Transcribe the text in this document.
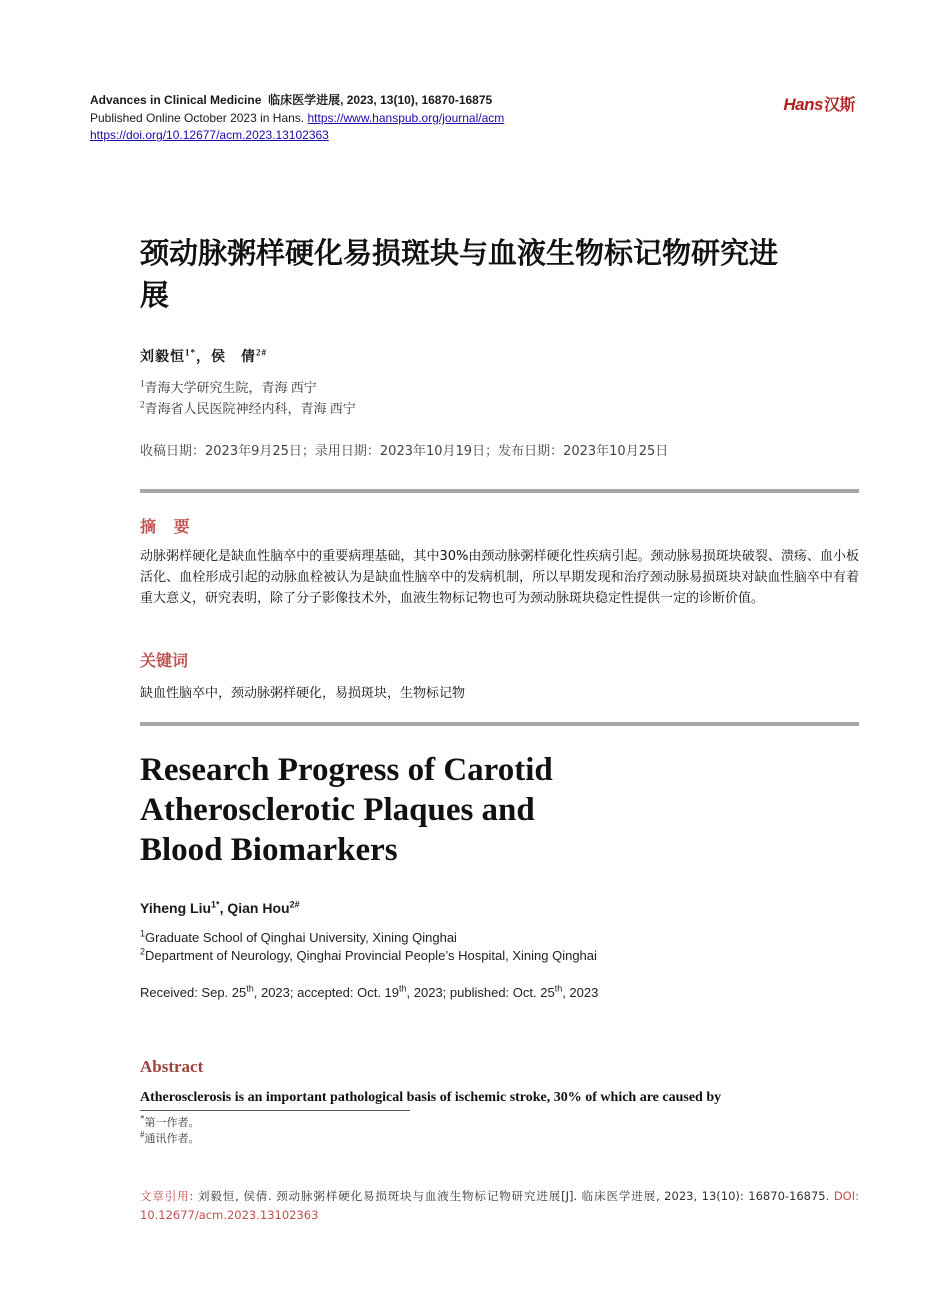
Advances in Clinical Medicine 临床医学进展, 2023, 13(10), 16870-16875
Published Online October 2023 in Hans. https://www.hanspub.org/journal/acm
https://doi.org/10.12677/acm.2023.13102363
Hans汉斯
颈动脉粥样硬化易损斑块与血液生物标记物研究进展
刘毅恒$^{1*}$，侯　倩$^{2\#}$
$^1$青海大学研究生院，青海 西宁
$^2$青海省人民医院神经内科，青海 西宁
收稿日期：2023年9月25日；录用日期：2023年10月19日；发布日期：2023年10月25日
摘 要
动脉粥样硬化是缺血性脑卒中的重要病理基础，其中30%由颈动脉粥样硬化性疾病引起。颈动脉易损斑块破裂、溃疡、血小板活化、血栓形成引起的动脉血栓被认为是缺血性脑卒中的发病机制，所以早期发现和治疗颈动脉易损斑块对缺血性脑卒中有着重大意义，研究表明，除了分子影像技术外，血液生物标记物也可为颈动脉斑块稳定性提供一定的诊断价值。
关键词
缺血性脑卒中，颈动脉粥样硬化，易损斑块，生物标记物
Research Progress of Carotid
Atherosclerotic Plaques and
Blood Biomarkers
Yiheng Liu$^{1*}$, Qian Hou$^{2\#}$
$^1$Graduate School of Qinghai University, Xining Qinghai
$^2$Department of Neurology, Qinghai Provincial People’s Hospital, Xining Qinghai
Received: Sep. 25th, 2023; accepted: Oct. 19th, 2023; published: Oct. 25th, 2023
Abstract
Atherosclerosis is an important pathological basis of ischemic stroke, 30% of which are caused by
*第一作者。
#通讯作者。
文章引用: 刘毅恒, 侯倩. 颈动脉粥样硬化易损斑块与血液生物标记物研究进展[J]. 临床医学进展, 2023, 13(10): 16870-16875. DOI: 10.12677/acm.2023.13102363
